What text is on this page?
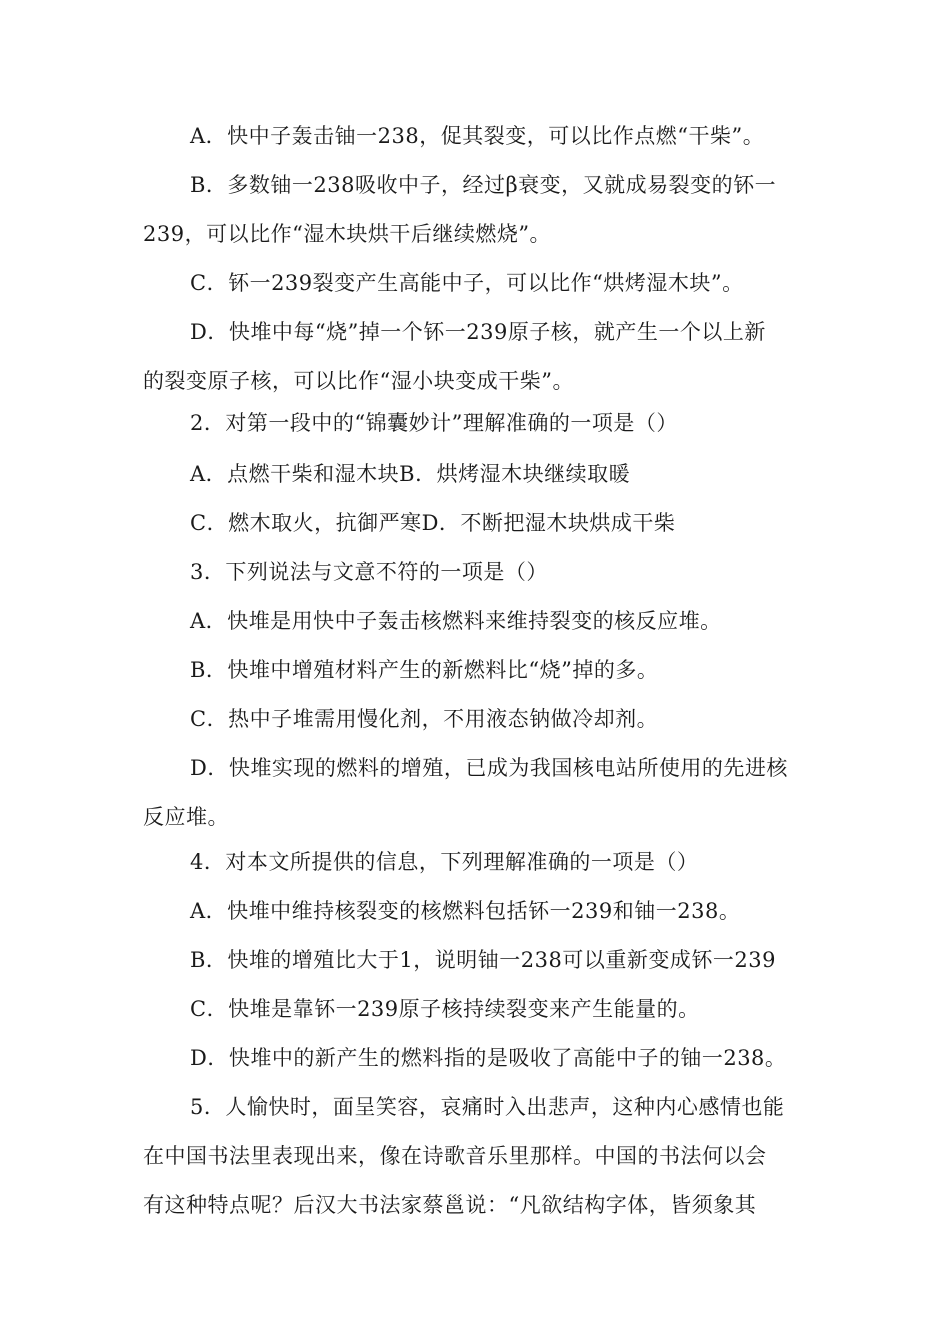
A．快中子轰击铀一238，促其裂变，可以比作点燃“干柴”。
B．多数铀一238吸收中子，经过β衰变，又就成易裂变的钚一
239，可以比作“湿木块烘干后继续燃烧”。
C．钚一239裂变产生高能中子，可以比作“烘烤湿木块”。
D．快堆中每“烧”掉一个钚一239原子核，就产生一个以上新
的裂变原子核，可以比作“湿小块变成干柴”。
2．对第一段中的“锦囊妙计”理解准确的一项是（）
A．点燃干柴和湿木块B．烘烤湿木块继续取暖
C．燃木取火，抗御严寒D．不断把湿木块烘成干柴
3．下列说法与文意不符的一项是（）
A．快堆是用快中子轰击核燃料来维持裂变的核反应堆。
B．快堆中增殖材料产生的新燃料比“烧”掉的多。
C．热中子堆需用慢化剂，不用液态钠做冷却剂。
D．快堆实现的燃料的增殖，已成为我国核电站所使用的先进核
反应堆。
4．对本文所提供的信息，下列理解准确的一项是（）
A．快堆中维持核裂变的核燃料包括钚一239和铀一238。
B．快堆的增殖比大于1，说明铀一238可以重新变成钚一239
C．快堆是靠钚一239原子核持续裂变来产生能量的。
D．快堆中的新产生的燃料指的是吸收了高能中子的铀一238。
5．人愉快时，面呈笑容，哀痛时入出悲声，这种内心感情也能
在中国书法里表现出来，像在诗歌音乐里那样。中国的书法何以会
有这种特点呢？后汉大书法家蔡邕说：“凡欲结构字体，皆须象其
